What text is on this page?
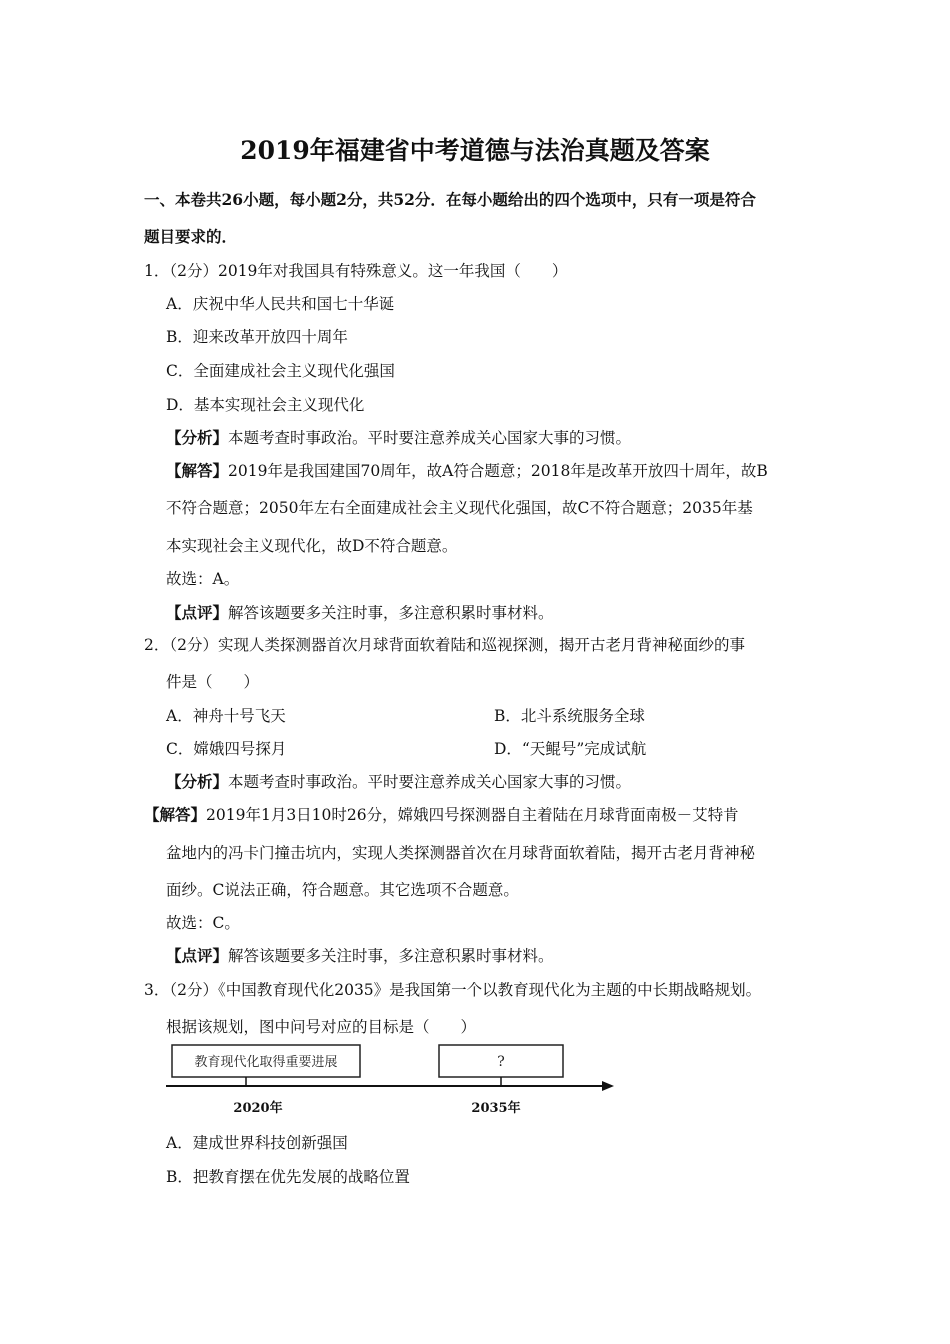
2019年福建省中考道德与法治真题及答案
一、本卷共26小题，每小题2分，共52分．在每小题给出的四个选项中，只有一项是符合
题目要求的．
1．（2分）2019年对我国具有特殊意义。这一年我国（　　）
A．庆祝中华人民共和国七十华诞
B．迎来改革开放四十周年
C．全面建成社会主义现代化强国
D．基本实现社会主义现代化
【分析】本题考查时事政治。平时要注意养成关心国家大事的习惯。
【解答】2019年是我国建国70周年，故A符合题意；2018年是改革开放四十周年，故B
不符合题意；2050年左右全面建成社会主义现代化强国，故C不符合题意；2035年基
本实现社会主义现代化，故D不符合题意。
故选：A。
【点评】解答该题要多关注时事，多注意积累时事材料。
2．（2分）实现人类探测器首次月球背面软着陆和巡视探测，揭开古老月背神秘面纱的事
件是（　　）
A．神舟十号飞天	B．北斗系统服务全球
C．嫦娥四号探月	D．“天鲲号”完成试航
【分析】本题考查时事政治。平时要注意养成关心国家大事的习惯。
【解答】2019年1月3日10时26分，嫦娥四号探测器自主着陆在月球背面南极－艾特肯
盆地内的冯卡门撞击坑内，实现人类探测器首次在月球背面软着陆，揭开古老月背神秘
面纱。C说法正确，符合题意。其它选项不合题意。
故选：C。
【点评】解答该题要多关注时事，多注意积累时事材料。
3．（2分）《中国教育现代化2035》是我国第一个以教育现代化为主题的中长期战略规划。
根据该规划，图中问号对应的目标是（　　）
教育现代化取得重要进展	?
2020年	2035年
A．建成世界科技创新强国
B．把教育摆在优先发展的战略位置
